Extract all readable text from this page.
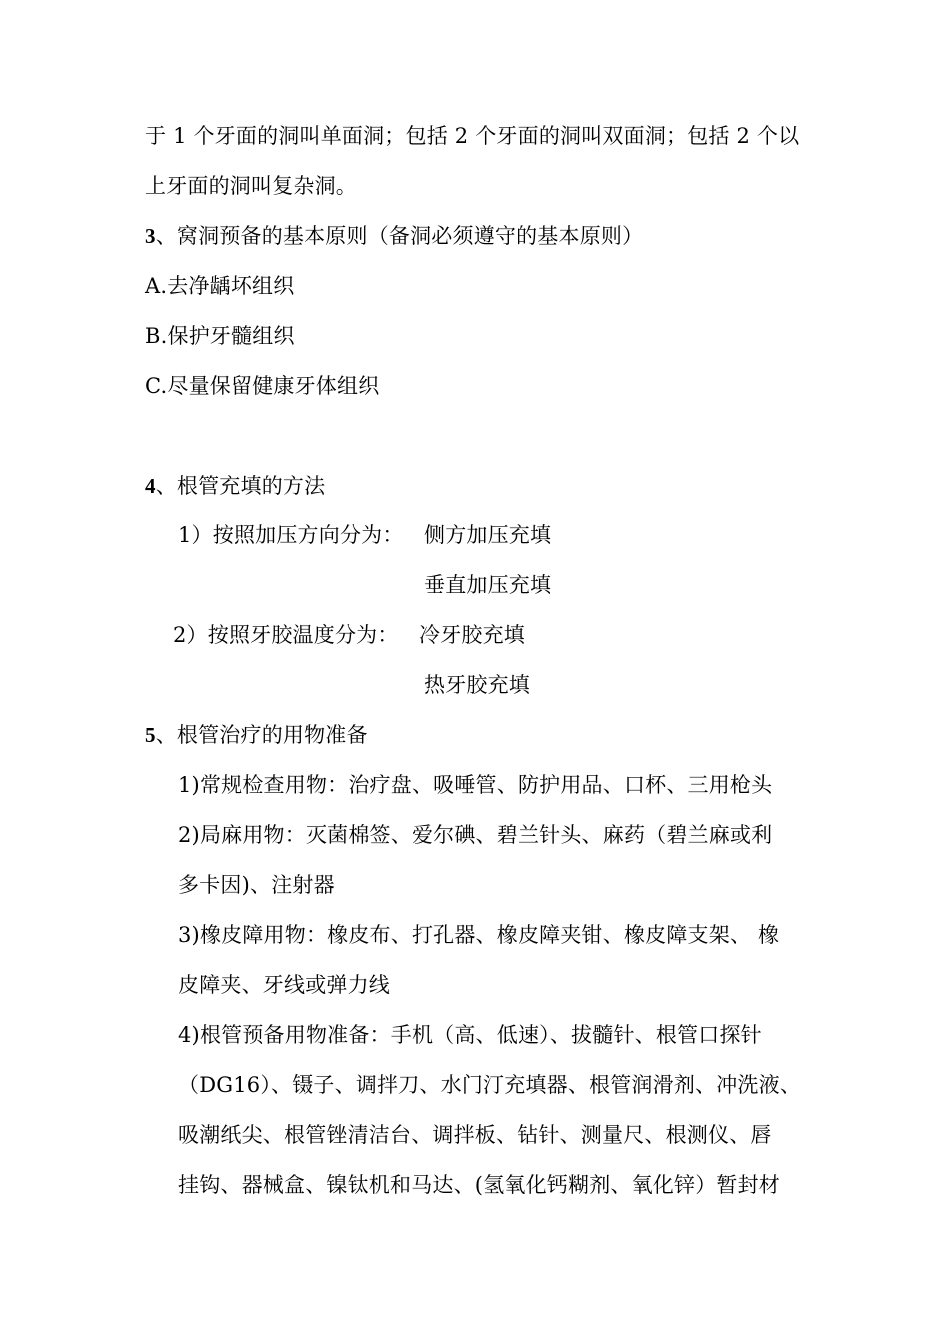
于 1 个牙面的洞叫单面洞；包括 2 个牙面的洞叫双面洞；包括 2 个以
上牙面的洞叫复杂洞。
3、窝洞预备的基本原则（备洞必须遵守的基本原则）
A.去净龋坏组织
B.保护牙髓组织
C.尽量保留健康牙体组织
4、根管充填的方法
1）按照加压方向分为： 侧方加压充填
垂直加压充填
2）按照牙胶温度分为： 冷牙胶充填
热牙胶充填
5、根管治疗的用物准备
1)常规检查用物：治疗盘、吸唾管、防护用品、口杯、三用枪头
2)局麻用物：灭菌棉签、爱尔碘、碧兰针头、麻药（碧兰麻或利
多卡因)、注射器
3)橡皮障用物：橡皮布、打孔器、橡皮障夹钳、橡皮障支架、 橡
皮障夹、牙线或弹力线
4)根管预备用物准备：手机（高、低速）、拔髓针、根管口探针
（DG16）、镊子、调拌刀、水门汀充填器、根管润滑剂、冲洗液、
吸潮纸尖、根管锉清洁台、调拌板、钻针、测量尺、根测仪、唇
挂钩、器械盒、镍钛机和马达、(氢氧化钙糊剂、氧化锌）暂封材
